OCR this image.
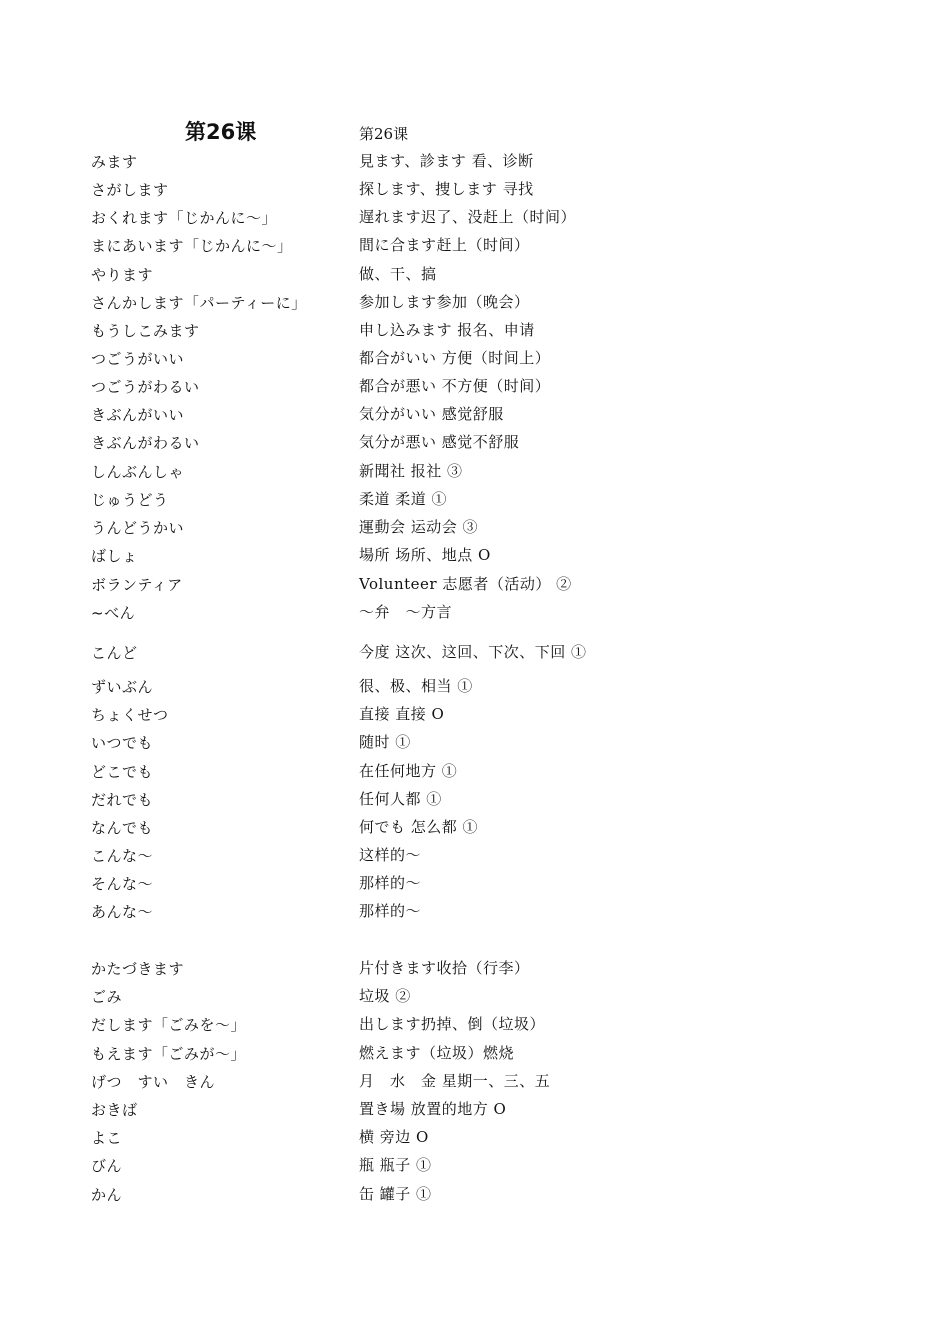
第26课	第26课
みます	見ます、診ます 看、诊断
さがします	探します、捜します 寻找
おくれます「じかんに～」	遅れます迟了、没赶上（时间）
まにあいます「じかんに～」	間に合ます赶上（时间）
やります	做、干、搞
さんかします「パーティーに」	参加します参加（晚会）
もうしこみます	申し込みます 报名、申请
つごうがいい	都合がいい 方便（时间上）
つごうがわるい	都合が悪い 不方便（时间）
きぶんがいい	気分がいい 感觉舒服
きぶんがわるい	気分が悪い 感觉不舒服
しんぶんしゃ	新聞社 报社 ③
じゅうどう	柔道 柔道 ①
うんどうかい	運動会 运动会 ③
ばしょ	場所 场所、地点 O
ボランティア	Volunteer 志愿者（活动） ②
~べん	～弁　～方言
こんど	今度 这次、这回、下次、下回 ①
ずいぶん	很、极、相当 ①
ちょくせつ	直接 直接 O
いつでも	随时 ①
どこでも	在任何地方 ①
だれでも	任何人都 ①
なんでも	何でも 怎么都 ①
こんな～	这样的～
そんな～	那样的～
あんな～	那样的～
かたづきます	片付きます收拾（行李）
ごみ	垃圾 ②
だします「ごみを～」	出します扔掉、倒（垃圾）
もえます「ごみが～」	燃えます（垃圾）燃烧
げつ　すい　きん	月　水　金 星期一、三、五
おきば	置き場 放置的地方 O
よこ	横 旁边 O
びん	瓶 瓶子 ①
かん	缶 罐子 ①
